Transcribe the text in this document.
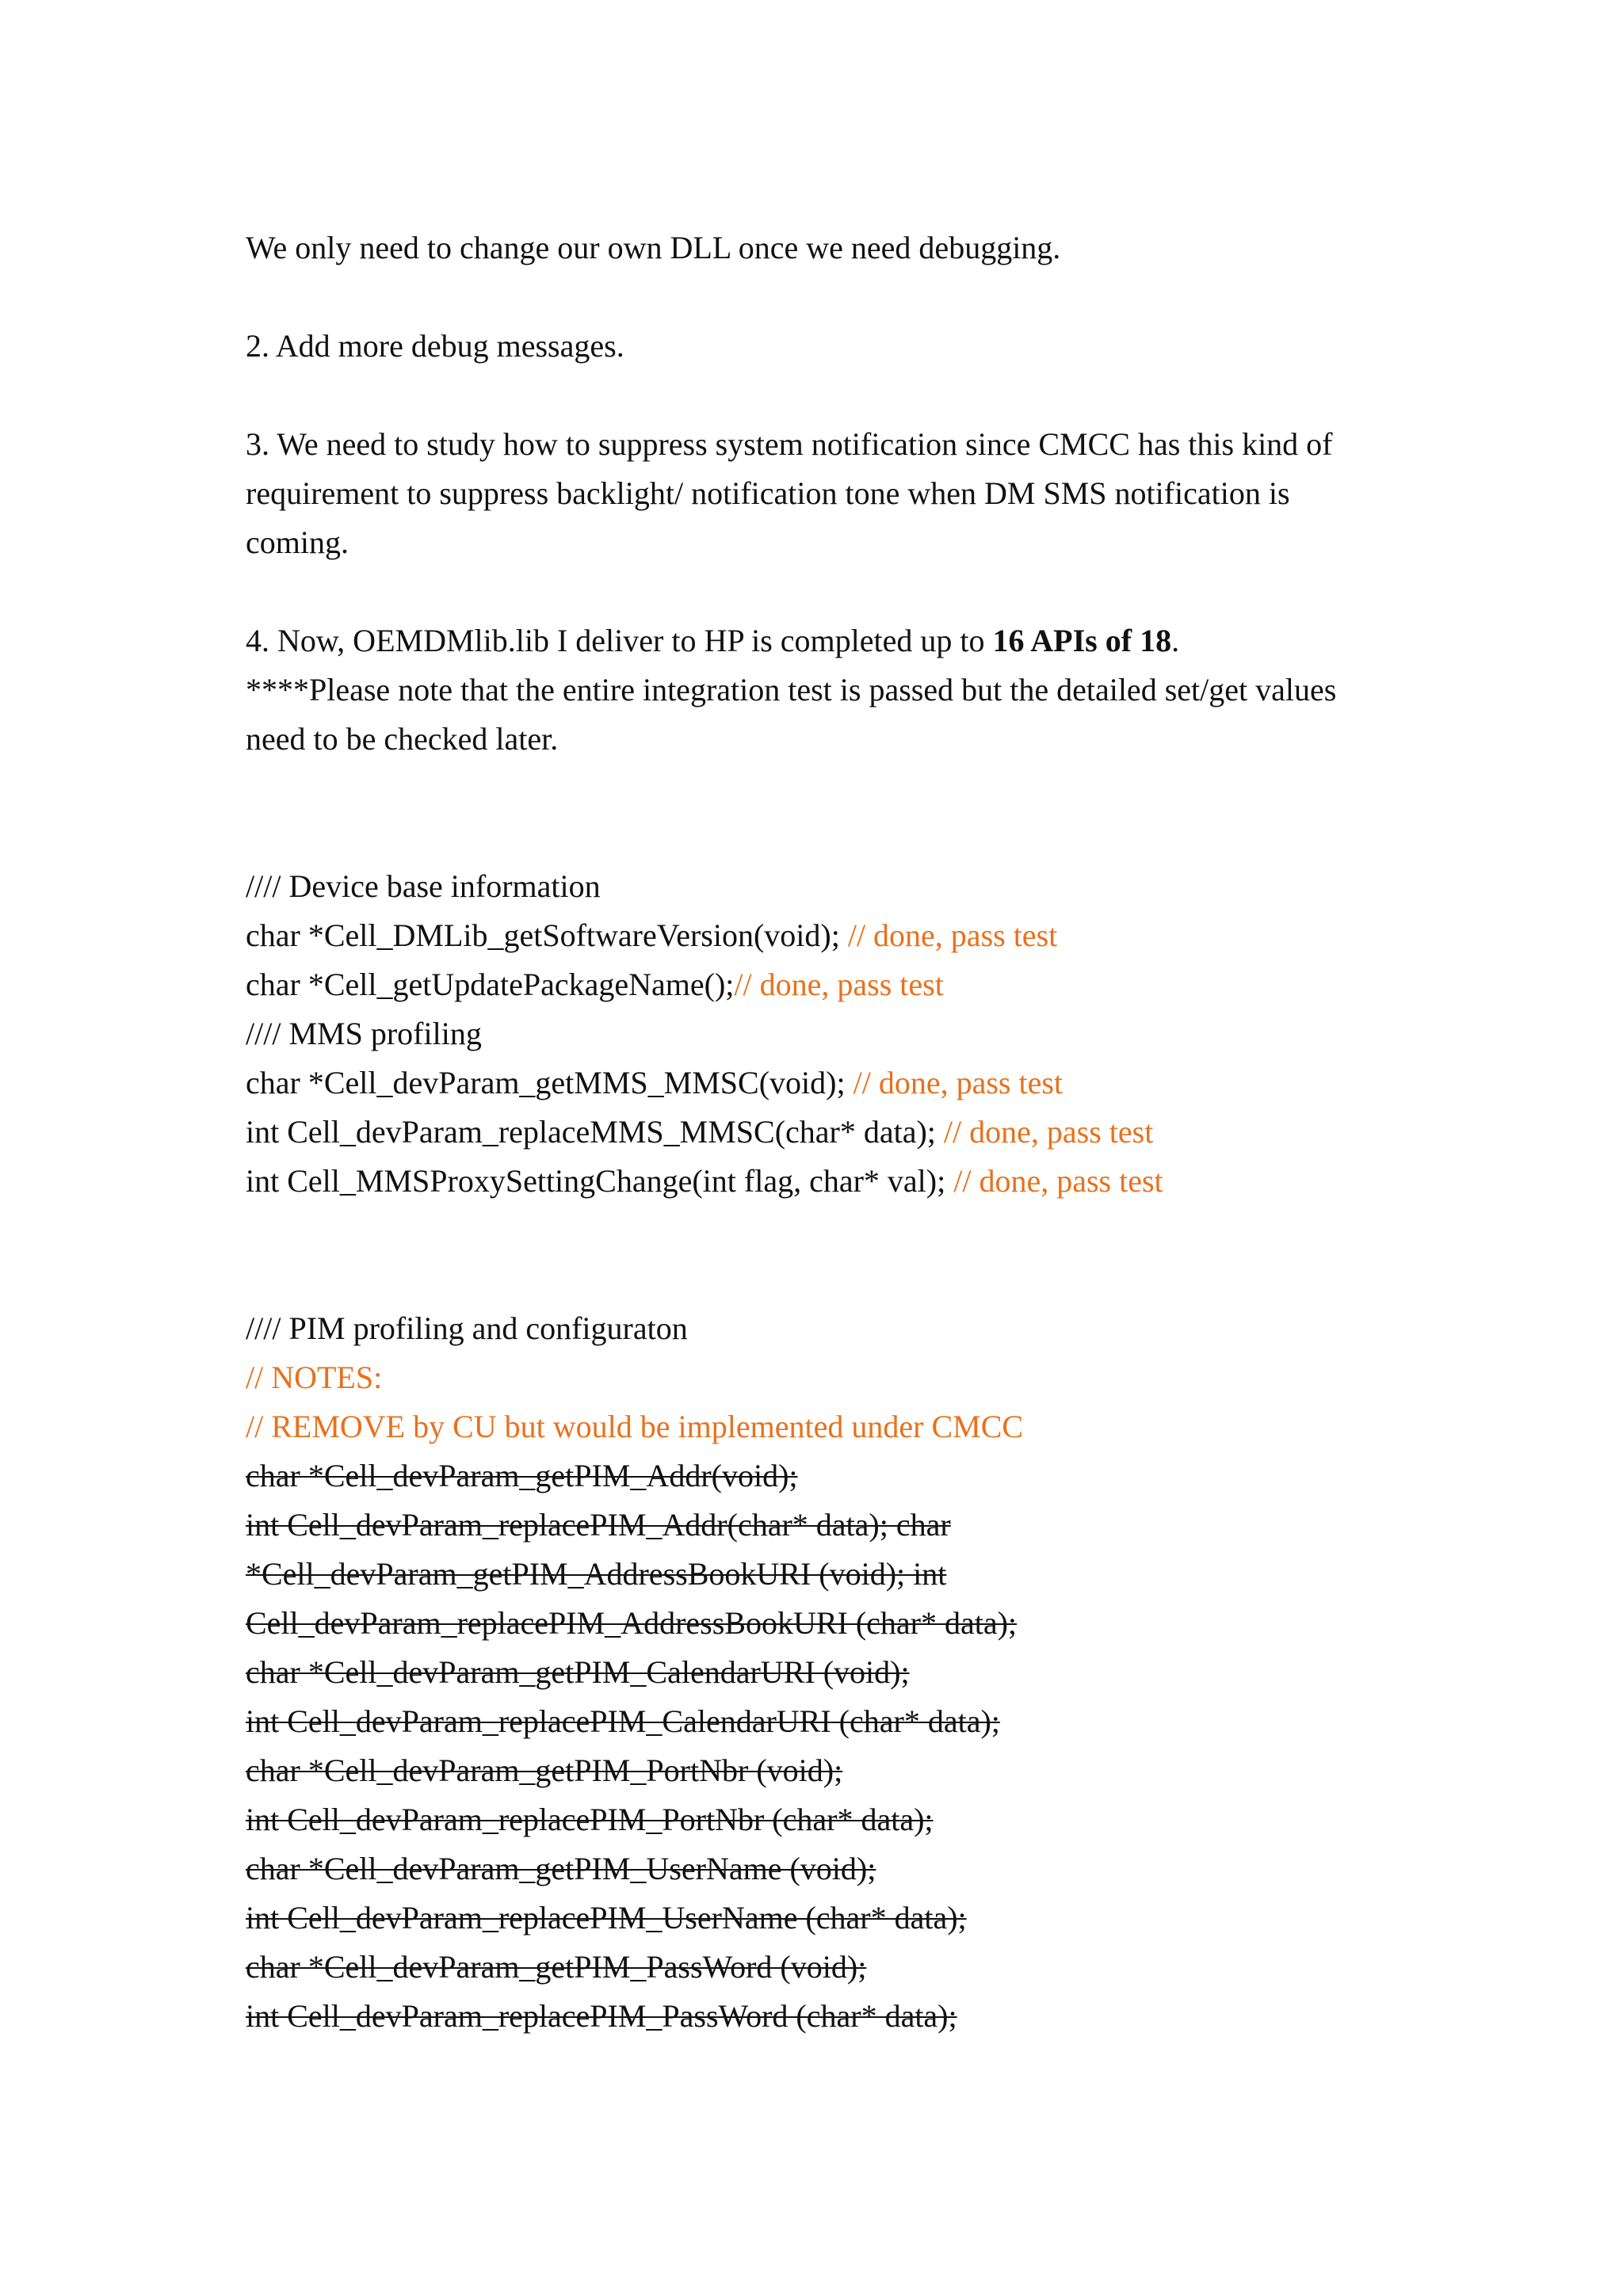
We only need to change our own DLL once we need debugging.
2. Add more debug messages.
3. We need to study how to suppress system notification since CMCC has this kind of
requirement to suppress backlight/ notification tone when DM SMS notification is
coming.
4. Now, OEMDMlib.lib I deliver to HP is completed up to 16 APIs of 18.
****Please note that the entire integration test is passed but the detailed set/get values
need to be checked later.
//// Device base information
char *Cell_DMLib_getSoftwareVersion(void); // done, pass test
char *Cell_getUpdatePackageName();// done, pass test
//// MMS profiling
char *Cell_devParam_getMMS_MMSC(void); // done, pass test
int Cell_devParam_replaceMMS_MMSC(char* data); // done, pass test
int Cell_MMSProxySettingChange(int flag, char* val); // done, pass test
//// PIM profiling and configuraton
// NOTES:
// REMOVE by CU but would be implemented under CMCC
char *Cell_devParam_getPIM_Addr(void);
int Cell_devParam_replacePIM_Addr(char* data); char
*Cell_devParam_getPIM_AddressBookURI (void); int
Cell_devParam_replacePIM_AddressBookURI (char* data);
char *Cell_devParam_getPIM_CalendarURI (void);
int Cell_devParam_replacePIM_CalendarURI (char* data);
char *Cell_devParam_getPIM_PortNbr (void);
int Cell_devParam_replacePIM_PortNbr (char* data);
char *Cell_devParam_getPIM_UserName (void);
int Cell_devParam_replacePIM_UserName (char* data);
char *Cell_devParam_getPIM_PassWord (void);
int Cell_devParam_replacePIM_PassWord (char* data);
